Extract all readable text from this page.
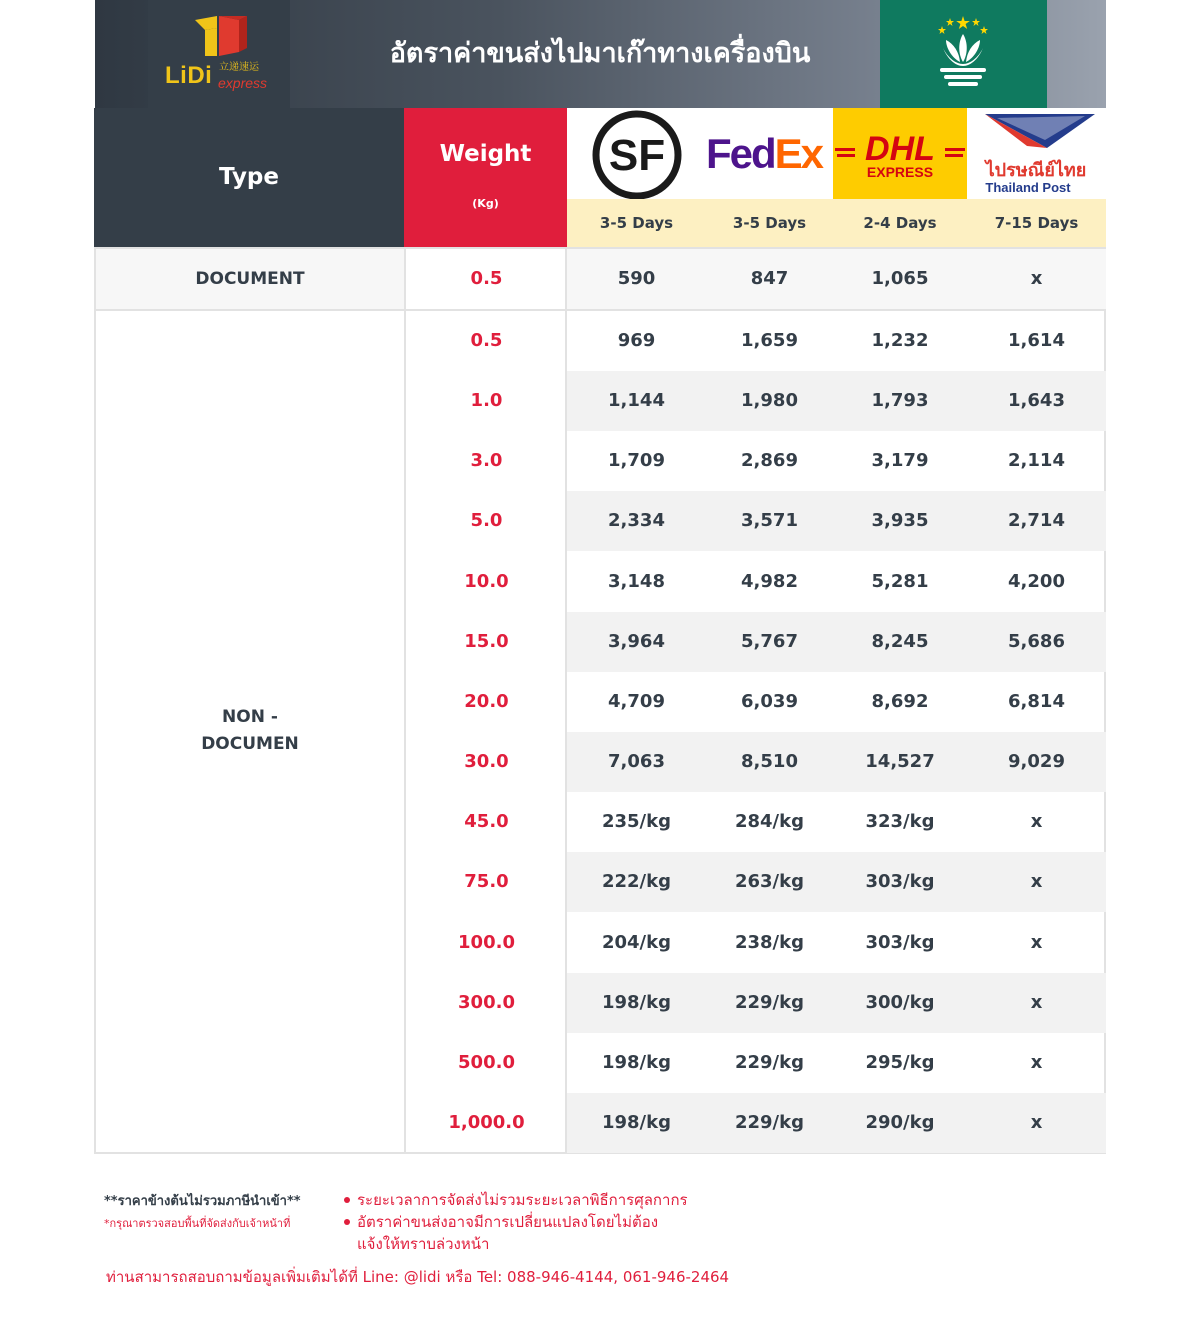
LiDi 立递速运
express
อัตราค่าขนส่งไปมาเก๊าทางเครื่องบิน
Type
Weight
(Kg)
SF FedEx DHL
EXPRESS	ไปรษณีย์ไทย
Thailand Post
3-5 Days	3-5 Days	2-4 Days	7-15 Days
DOCUMENT	0.5	590	847	1,065	x
0.5	969	1,659	1,232	1,614
1.0	1,144	1,980	1,793	1,643
3.0	1,709	2,869	3,179	2,114
5.0	2,334	3,571	3,935	2,714
10.0	3,148	4,982	5,281	4,200
15.0	3,964	5,767	8,245	5,686
20.0	4,709	6,039	8,692	6,814
30.0	7,063	8,510	14,527	9,029
45.0	235/kg	284/kg	323/kg	x
75.0	222/kg	263/kg	303/kg	x
100.0	204/kg	238/kg	303/kg	x
300.0	198/kg	229/kg	300/kg	x
500.0	198/kg	229/kg	295/kg	x
1,000.0	198/kg	229/kg	290/kg	x
NON -
DOCUMEN
**ราคาข้างต้นไม่รวมภาษีนำเข้า**
*กรุณาตรวจสอบพื้นที่จัดส่งกับเจ้าหน้าที่
ระยะเวลาการจัดส่งไม่รวมระยะเวลาพิธีการศุลกากร
อัตราค่าขนส่งอาจมีการเปลี่ยนแปลงโดยไม่ต้อง
แจ้งให้ทราบล่วงหน้า
ท่านสามารถสอบถามข้อมูลเพิ่มเติมได้ที่ Line: @lidi หรือ Tel: 088-946-4144, 061-946-2464
